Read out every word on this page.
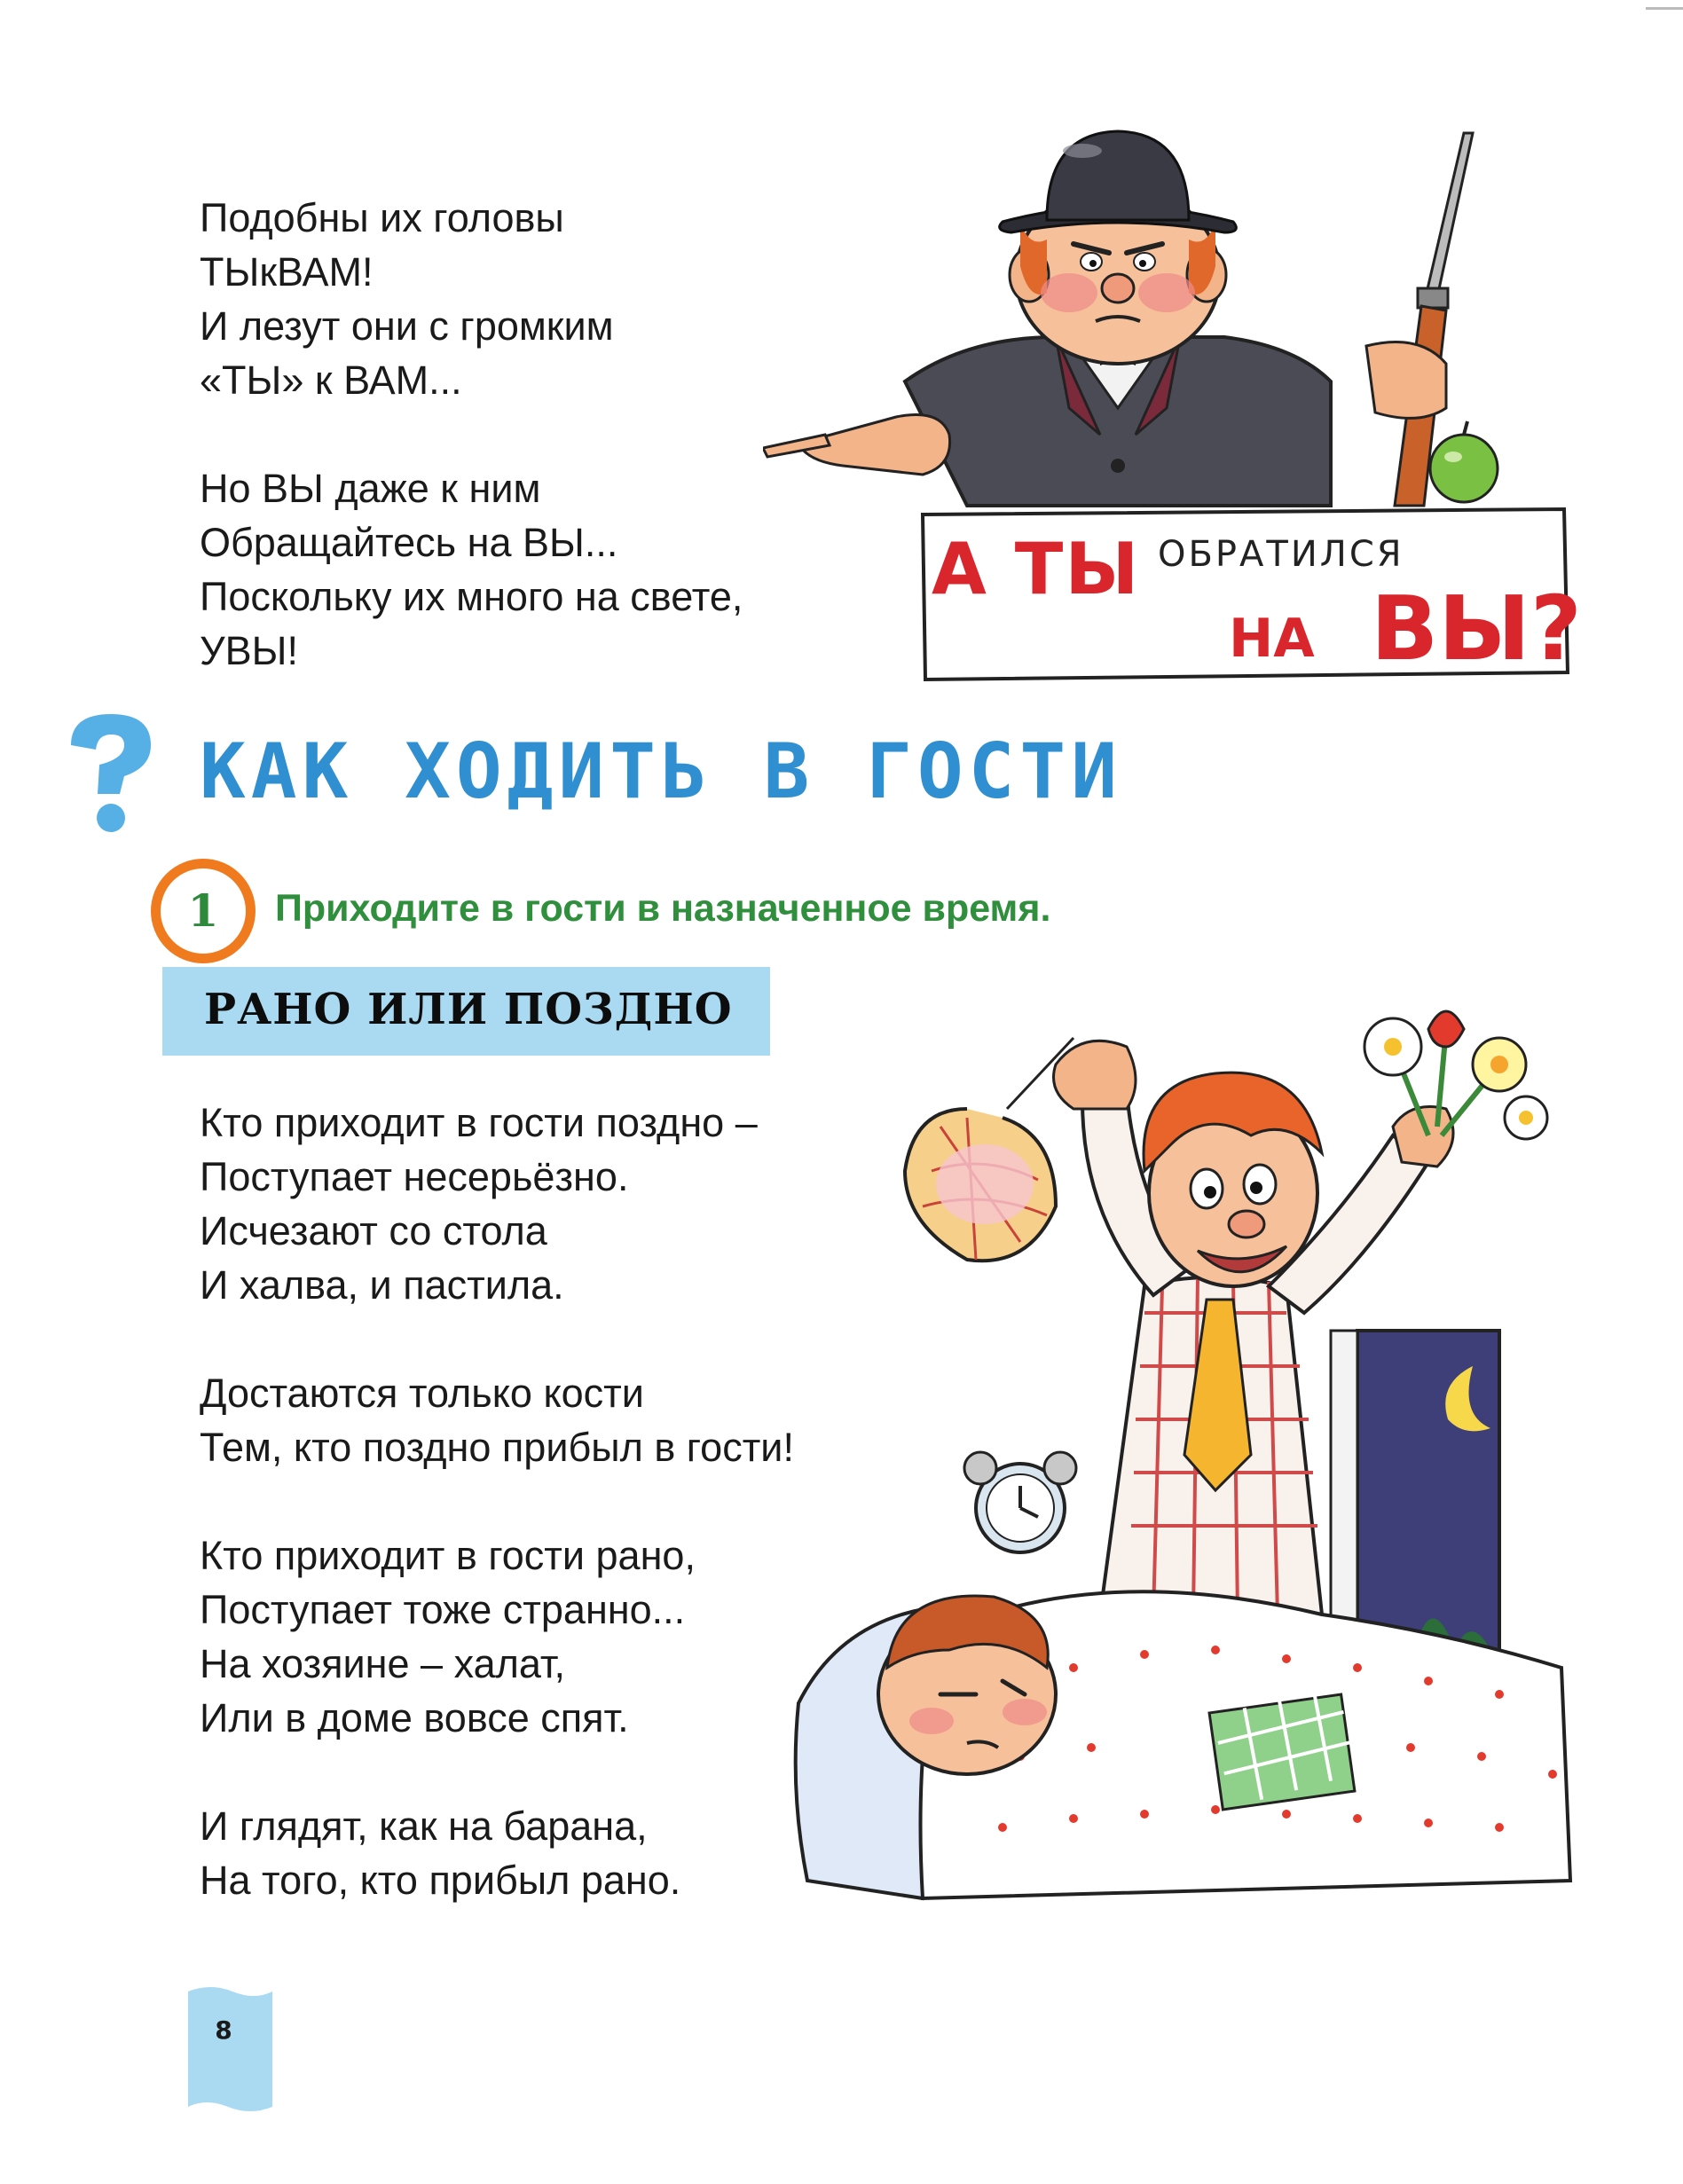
Подобны их головы
ТЫкВАМ!
И лезут они с громким
«ТЫ» к ВАМ...
Но ВЫ даже к ним
Обращайтесь на ВЫ...
Поскольку их много на свете,
УВЫ!
А ТЫ ОБРАТИЛСЯ
НА ВЫ?
КАК ХОДИТЬ В ГОСТИ
1	Приходите в гости в назначенное время.
РАНО ИЛИ ПОЗДНО
Кто приходит в гости поздно –
Поступает несерьёзно.
Исчезают со стола
И халва, и пастила.
Достаются только кости
Тем, кто поздно прибыл в гости!
Кто приходит в гости рано,
Поступает тоже странно...
На хозяине – халат,
Или в доме вовсе спят.
И глядят, как на барана,
На того, кто прибыл рано.
8
